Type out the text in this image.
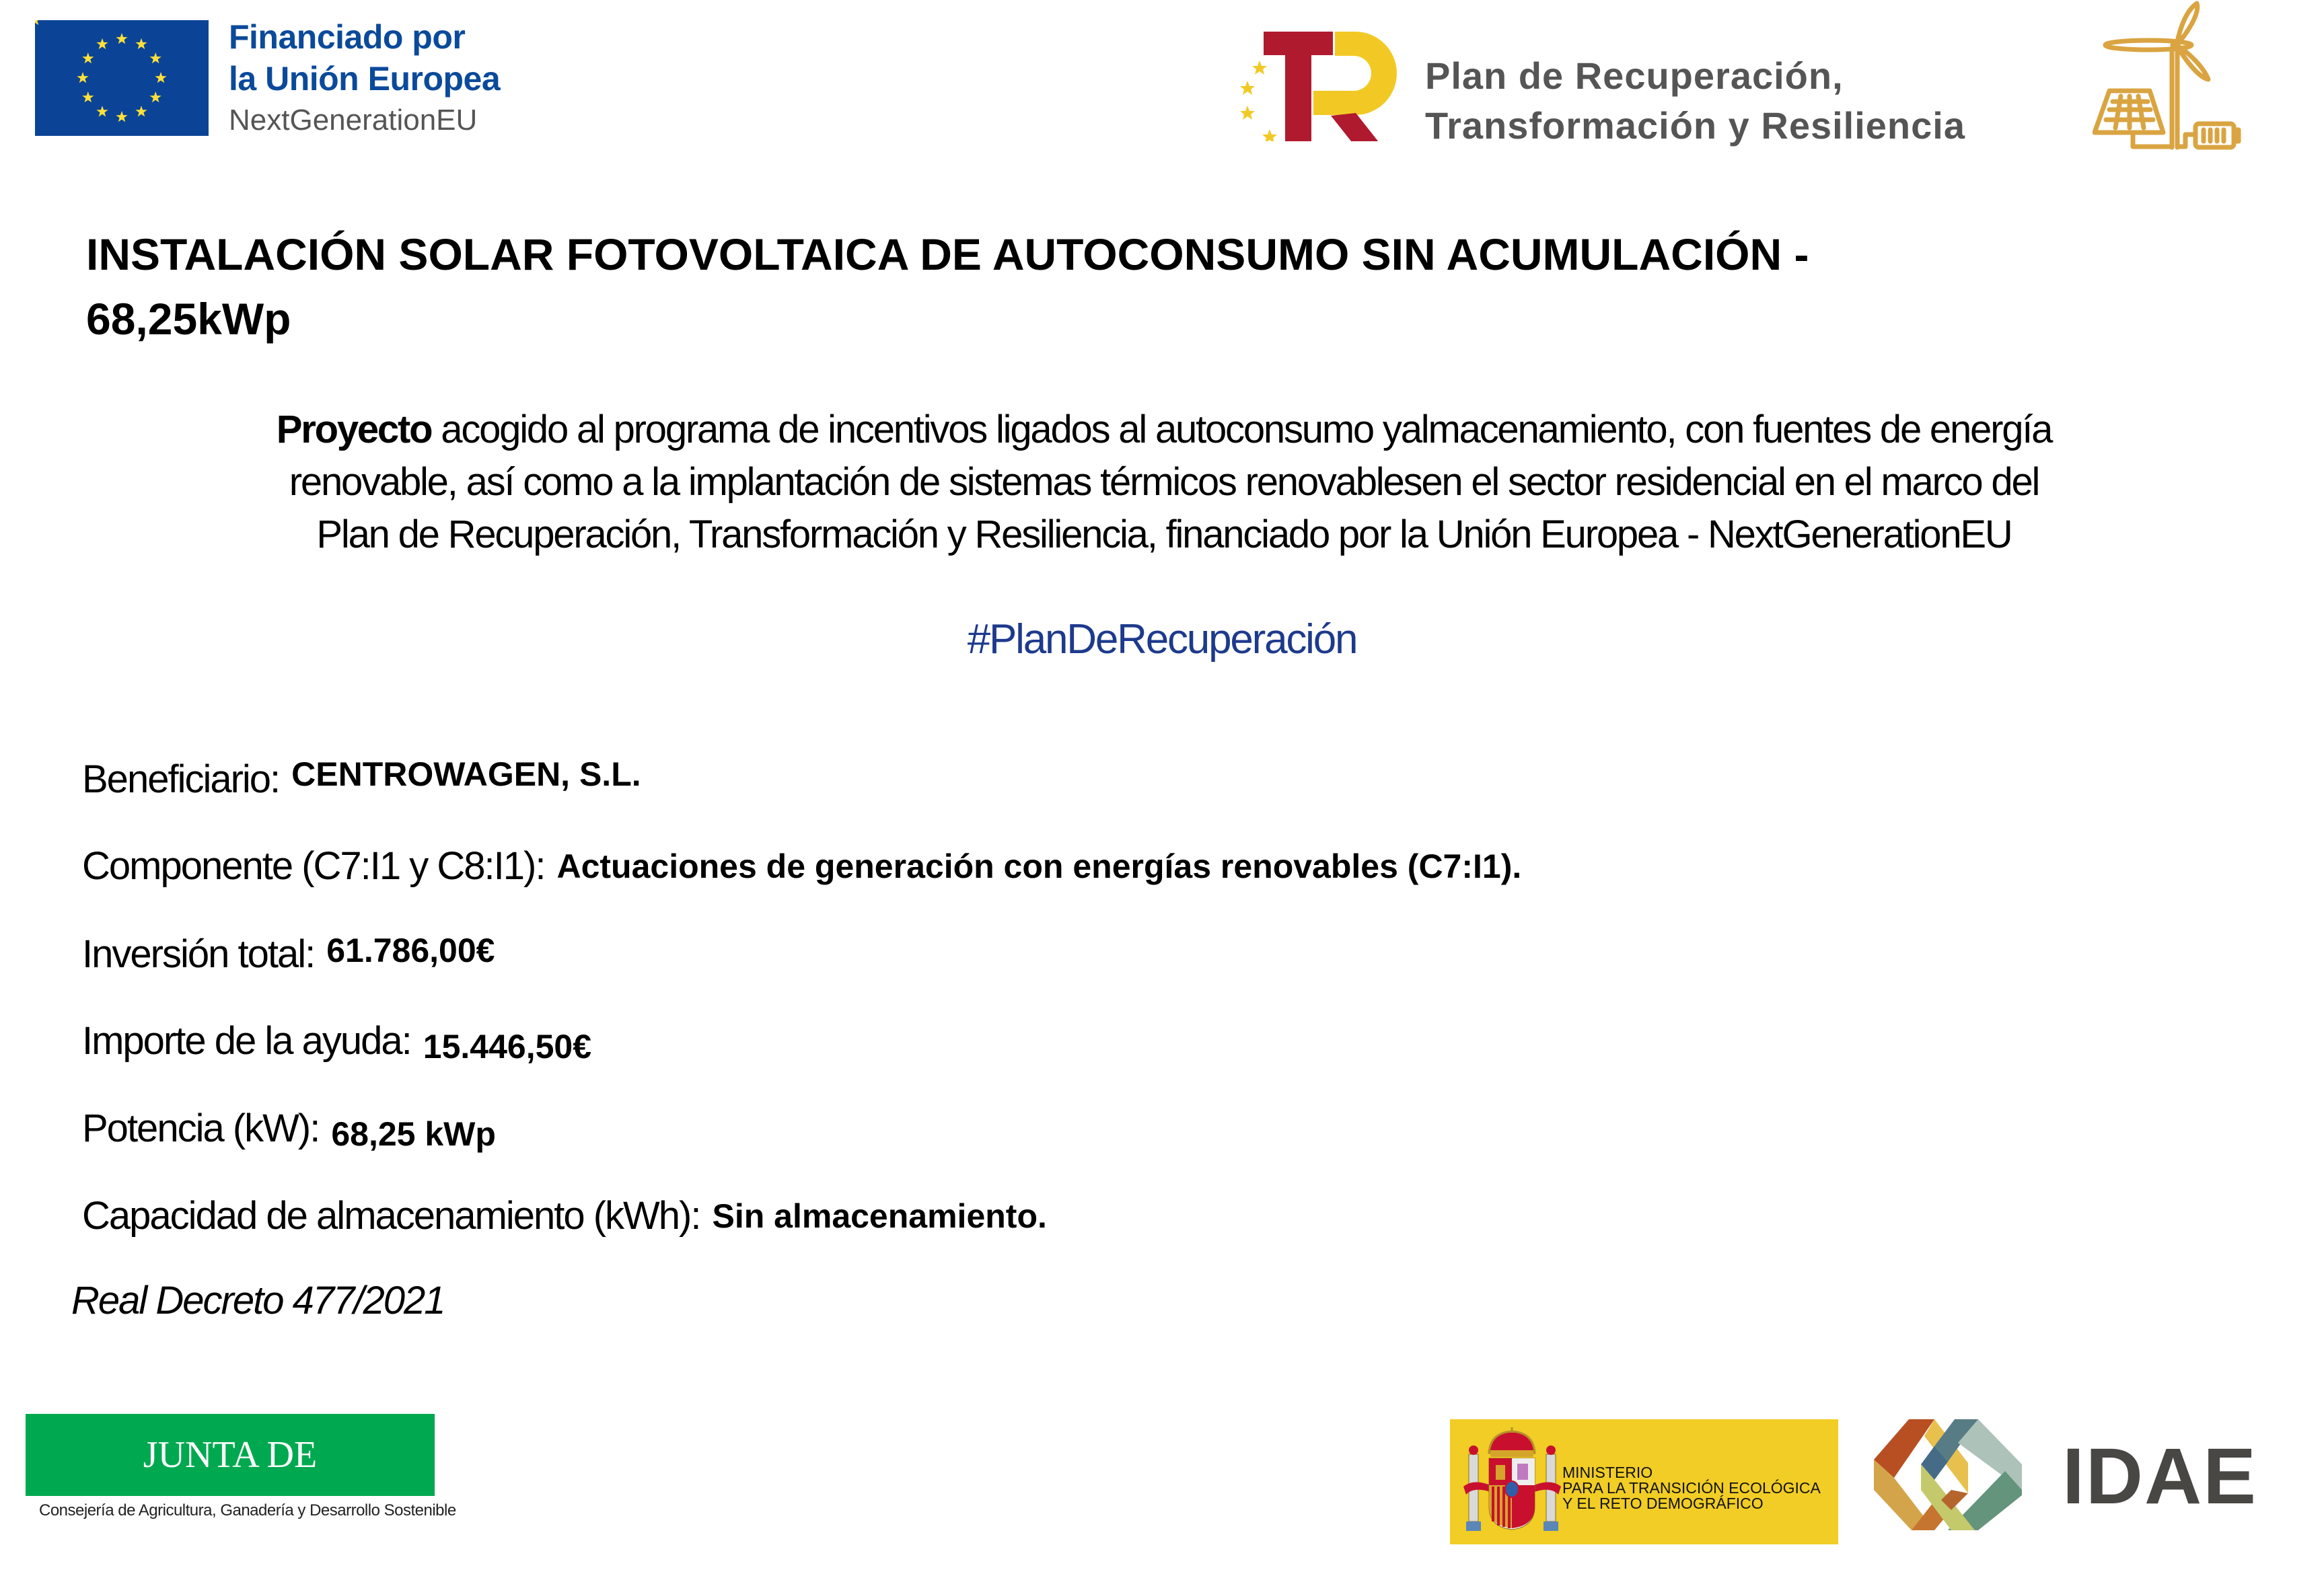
Financiado por
la Unión Europea
NextGenerationEU
Plan de Recuperación,
Transformación y Resiliencia
INSTALACIÓN SOLAR FOTOVOLTAICA DE AUTOCONSUMO SIN ACUMULACIÓN -
68,25kWp
Proyecto acogido al programa de incentivos ligados al autoconsumo yalmacenamiento, con fuentes de energía
renovable, así como a la implantación de sistemas térmicos renovablesen el sector residencial en el marco del
Plan de Recuperación, Transformación y Resiliencia, financiado por la Unión Europea - NextGenerationEU
#PlanDeRecuperación
Beneficiario: CENTROWAGEN, S.L.
Componente (C7:I1 y C8:I1): Actuaciones de generación con energías renovables (C7:I1).
Inversión total: 61.786,00€
Importe de la ayuda: 15.446,50€
Potencia (kW): 68,25 kWp
Capacidad de almacenamiento (kWh): Sin almacenamiento.
Real Decreto 477/2021
JUNTA DE EXTREMADURA
Consejería de Agricultura, Ganadería y Desarrollo Sostenible
MINISTERIO
PARA LA TRANSICIÓN ECOLÓGICA
Y EL RETO DEMOGRÁFICO	IDAE
